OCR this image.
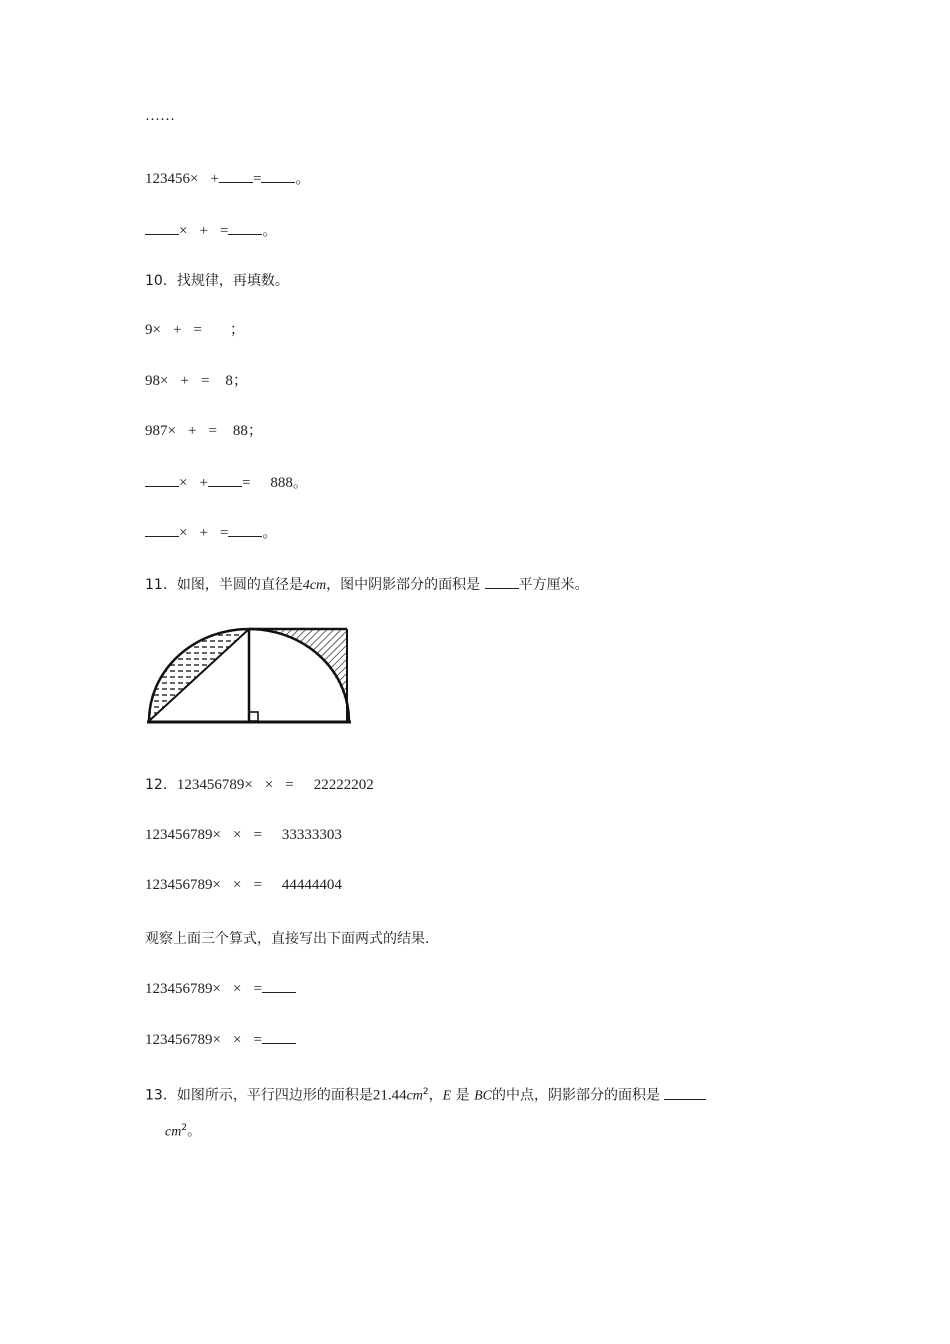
……
123456× + = 。
× + = 。
10．找规律，再填数。
9× + = ；
98× + = 8；
987× + = 88；
× + = 888。
× + = 。
11．如图，半圆的直径是4cm，图中阴影部分的面积是	平方厘米。
12．123456789× × = 22222202
123456789× × = 33333303
123456789× × = 44444404
观察上面三个算式，直接写出下面两式的结果.
123456789× × =
123456789× × =
13．如图所示，平行四边形的面积是$21.44cm^2$，E 是 BC的中点，阴影部分的面积是
$cm^2$。
